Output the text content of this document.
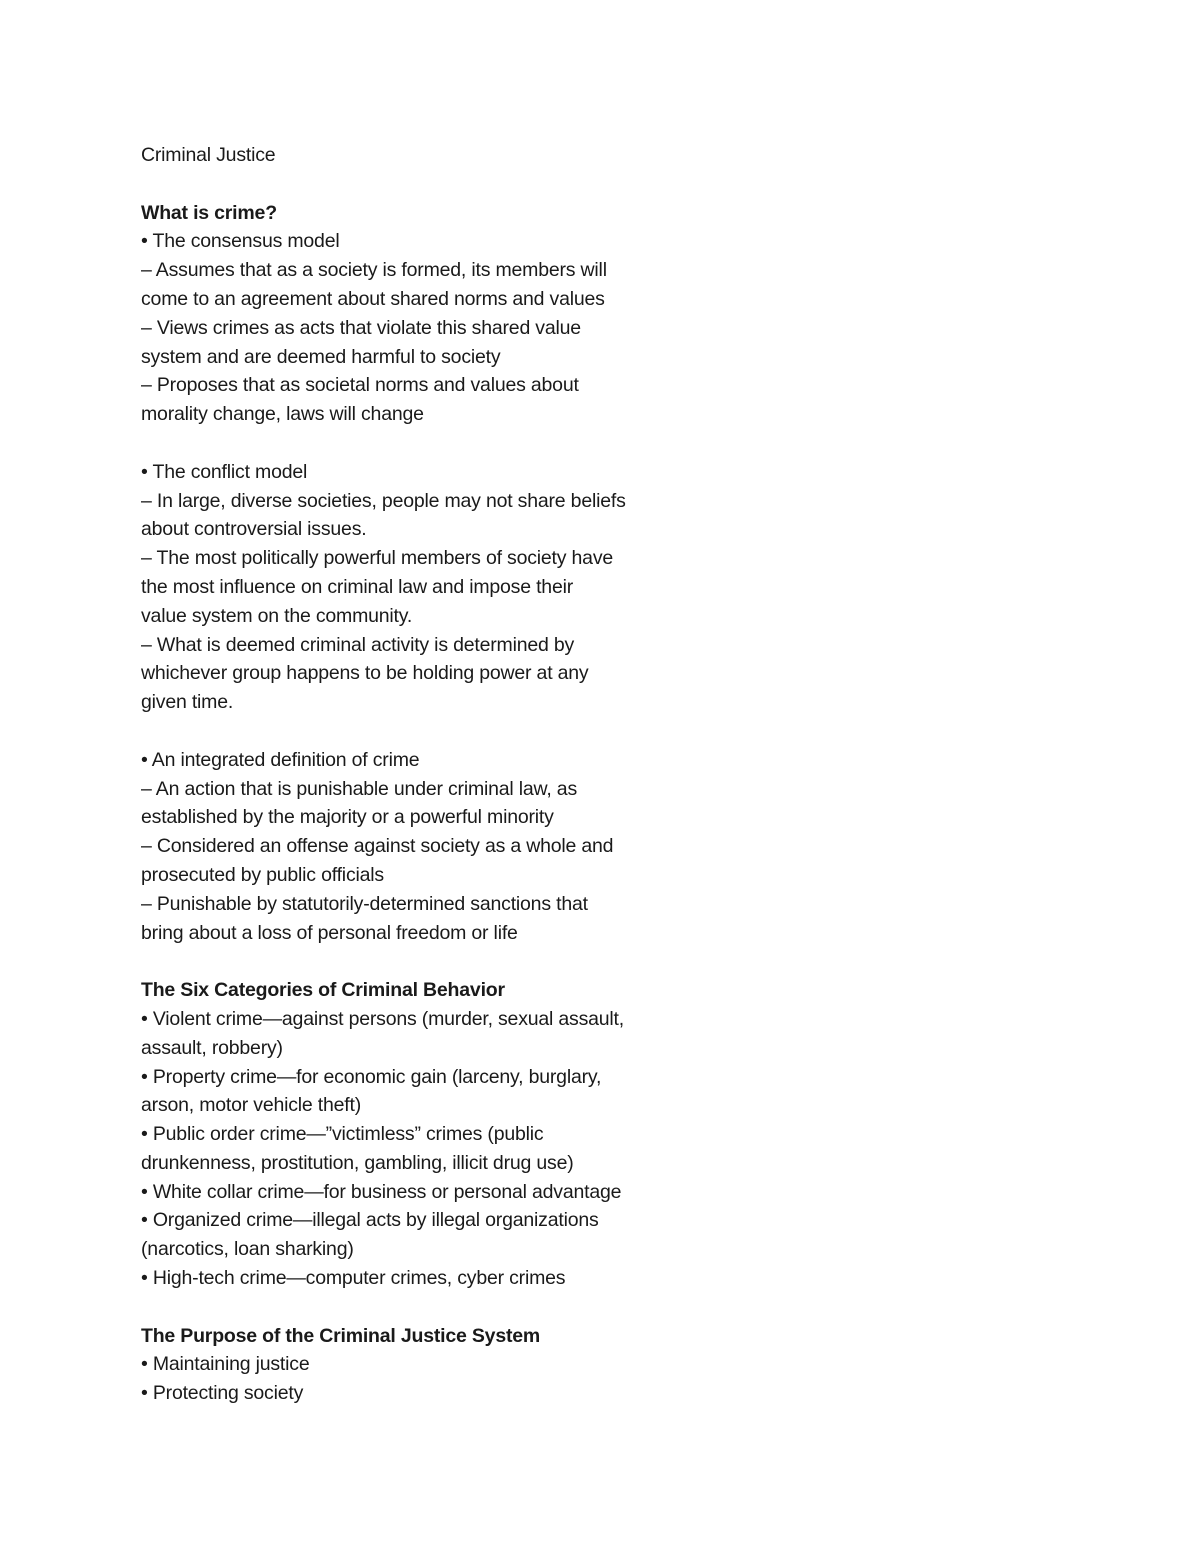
Criminal Justice
What is crime?
• The consensus model
– Assumes that as a society is formed, its members will
come to an agreement about shared norms and values
– Views crimes as acts that violate this shared value
system and are deemed harmful to society
– Proposes that as societal norms and values about
morality change, laws will change
• The conflict model
– In large, diverse societies, people may not share beliefs
about controversial issues.
– The most politically powerful members of society have
the most influence on criminal law and impose their
value system on the community.
– What is deemed criminal activity is determined by
whichever group happens to be holding power at any
given time.
• An integrated definition of crime
– An action that is punishable under criminal law, as
established by the majority or a powerful minority
– Considered an offense against society as a whole and
prosecuted by public officials
– Punishable by statutorily-determined sanctions that
bring about a loss of personal freedom or life
The Six Categories of Criminal Behavior
• Violent crime—against persons (murder, sexual assault,
assault, robbery)
• Property crime—for economic gain (larceny, burglary,
arson, motor vehicle theft)
• Public order crime—”victimless” crimes (public
drunkenness, prostitution, gambling, illicit drug use)
• White collar crime—for business or personal advantage
• Organized crime—illegal acts by illegal organizations
(narcotics, loan sharking)
• High-tech crime—computer crimes, cyber crimes
The Purpose of the Criminal Justice System
• Maintaining justice
• Protecting society
